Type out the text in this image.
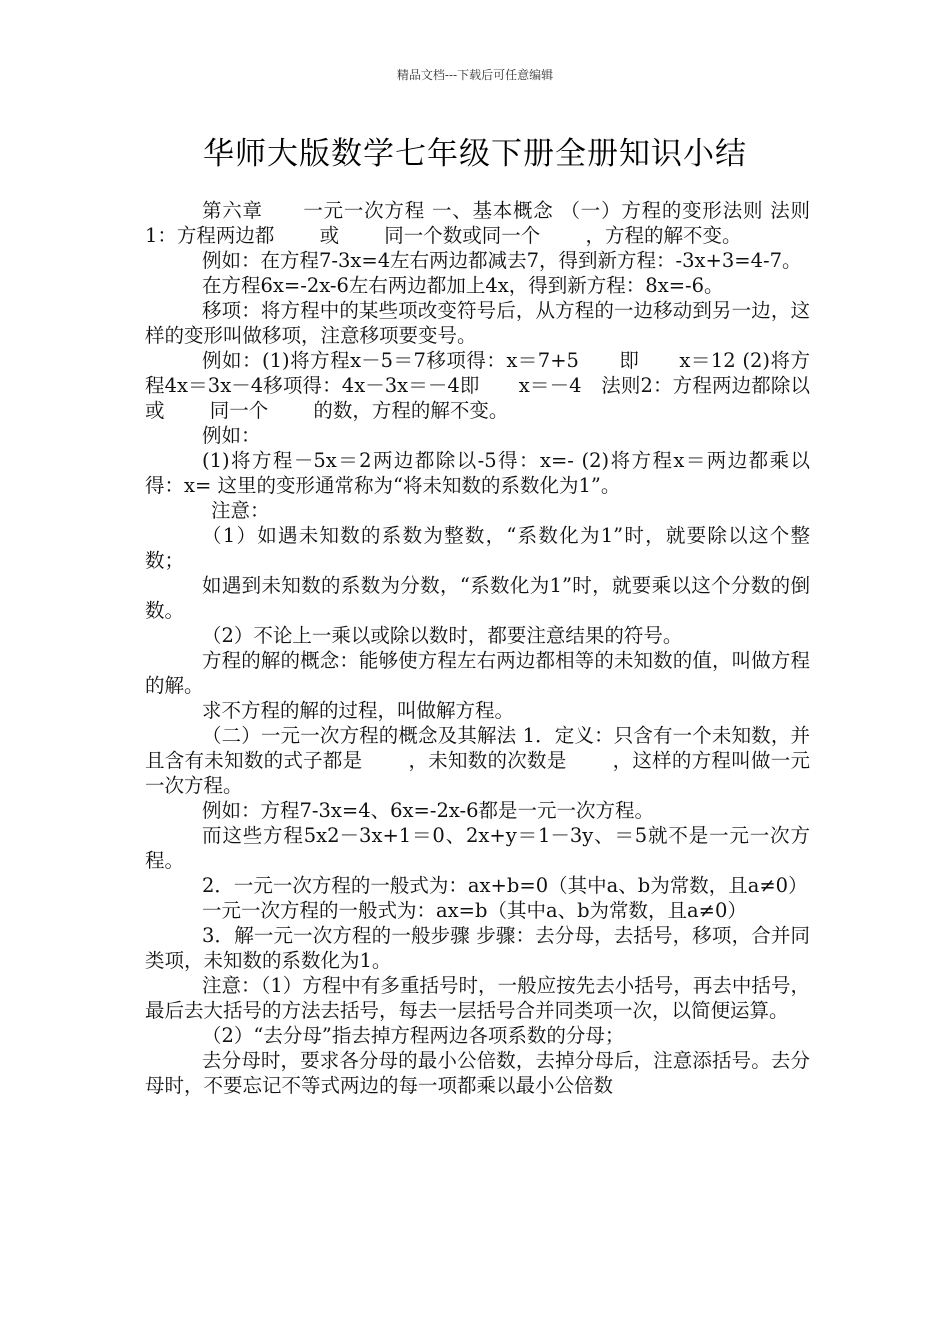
精品文档---下载后可任意编辑
华师大版数学七年级下册全册知识小结

第六章　　一元一次方程 一、基本概念 （一）方程的变形法则 法则1：方程两边都　　 或　　 同一个数或同一个　　 ，方程的解不变。

例如：在方程7-3x=4左右两边都减去7，得到新方程：-3x+3=4-7。

在方程6x=-2x-6左右两边都加上4x，得到新方程：8x=-6。

移项：将方程中的某些项改变符号后，从方程的一边移动到另一边，这样的变形叫做移项，注意移项要变号。

例如：(1)将方程x－5＝7移项得：x＝7+5　　即　　x＝12 (2)将方程4x＝3x－4移项得：4x－3x＝－4即　　x＝－4　法则2：方程两边都除以或　　 同一个　　 的数，方程的解不变。

例如：

(1)将方程－5x＝2两边都除以-5得：x=- (2)将方程x＝两边都乘以得：x= 这里的变形通常称为“将未知数的系数化为1”。

注意：

（1）如遇未知数的系数为整数，“系数化为1”时，就要除以这个整数；

如遇到未知数的系数为分数，“系数化为1”时，就要乘以这个分数的倒数。

（2）不论上一乘以或除以数时，都要注意结果的符号。

方程的解的概念：能够使方程左右两边都相等的未知数的值，叫做方程的解。

求不方程的解的过程，叫做解方程。

（二）一元一次方程的概念及其解法 1．定义：只含有一个未知数，并且含有未知数的式子都是　　 ，未知数的次数是　　 ，这样的方程叫做一元一次方程。

例如：方程7-3x=4、6x=-2x-6都是一元一次方程。

而这些方程5x2－3x+1＝0、2x+y＝1－3y、＝5就不是一元一次方程。

2．一元一次方程的一般式为：ax+b=0（其中a、b为常数，且a≠0）

一元一次方程的一般式为：ax=b（其中a、b为常数，且a≠0）

3．解一元一次方程的一般步骤 步骤：去分母，去括号，移项，合并同类项，未知数的系数化为1。

注意：（1）方程中有多重括号时，一般应按先去小括号，再去中括号，最后去大括号的方法去括号，每去一层括号合并同类项一次，以简便运算。

（2）“去分母”指去掉方程两边各项系数的分母；

去分母时，要求各分母的最小公倍数，去掉分母后，注意添括号。去分母时，不要忘记不等式两边的每一项都乘以最小公倍数
